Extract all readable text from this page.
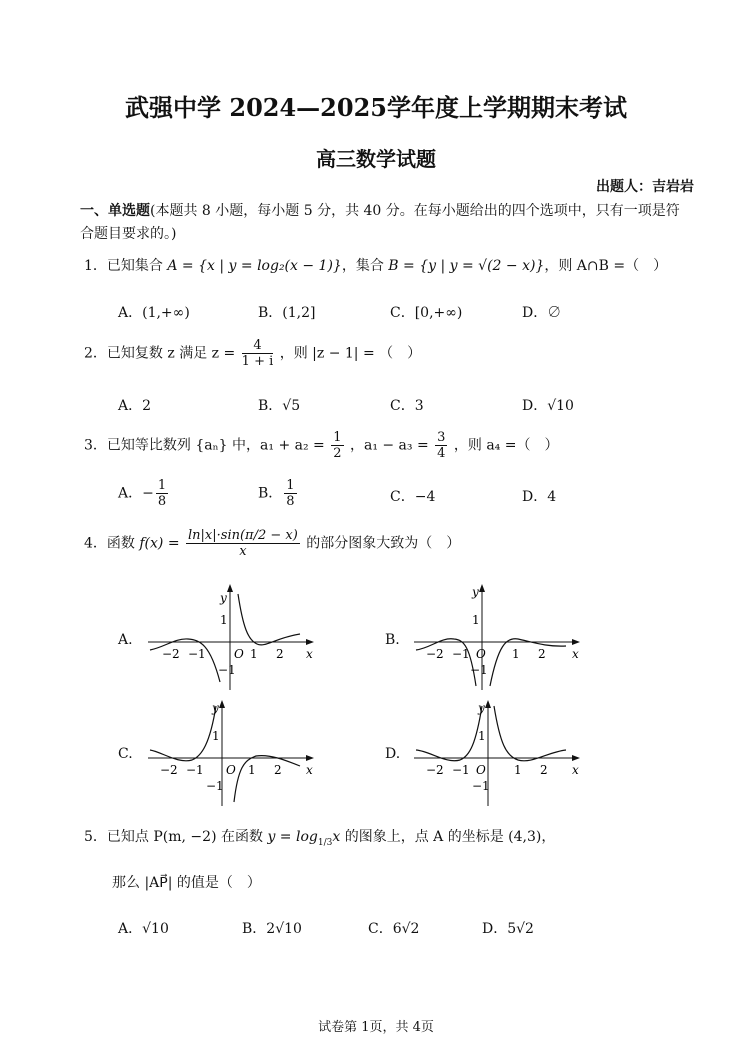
武强中学 2024—2025学年度上学期期末考试
高三数学试题
出题人：吉岩岩
一、单选题(本题共 8 小题，每小题 5 分，共 40 分。在每小题给出的四个选项中，只有一项是符合题目要求的。)
1．已知集合 A = {x | y = log₂(x − 1)}，集合 B = {y | y = √(2 − x)}，则 A∩B =（　）
A．(1,+∞)	B．(1,2]	C．[0,+∞)	D．∅
2．已知复数 z 满足 $z = \frac{4}{1 + i}$ ，则 |z − 1| = （　）
A．2	B．√5	C．3	D．√10
3．已知等比数列 {aₙ} 中，$a_1 + a_2 = \frac{1}{2}$ ，$a_1 - a_3 = \frac{3}{4}$ ，则 a₄ =（　）
A．− $\frac{1}{8}$	B． $\frac{1}{8}$	C．−4	D．4
4．函数 $f(x) = \frac{\ln|x|\cdot\sin(\pi/2 - x)}{x}$ 的部分图象大致为（　）
A.	B.
C.	D.
y
x
O
1
−1
−2 −1	1 2
y
x
O
1
−1
−2 −1	1 2
y
x
O
1
−1
−2 −1	1 2
y
x
O
1
−1
−2 −1	1 2
5．已知点 P(m, −2) 在函数 $y = \log_{1/3}x$ 的图象上，点 A 的坐标是 (4,3)，
那么 |AP⃗| 的值是（　）
A．√10	B．2√10	C．6√2	D．5√2
试卷第 1页，共 4页
